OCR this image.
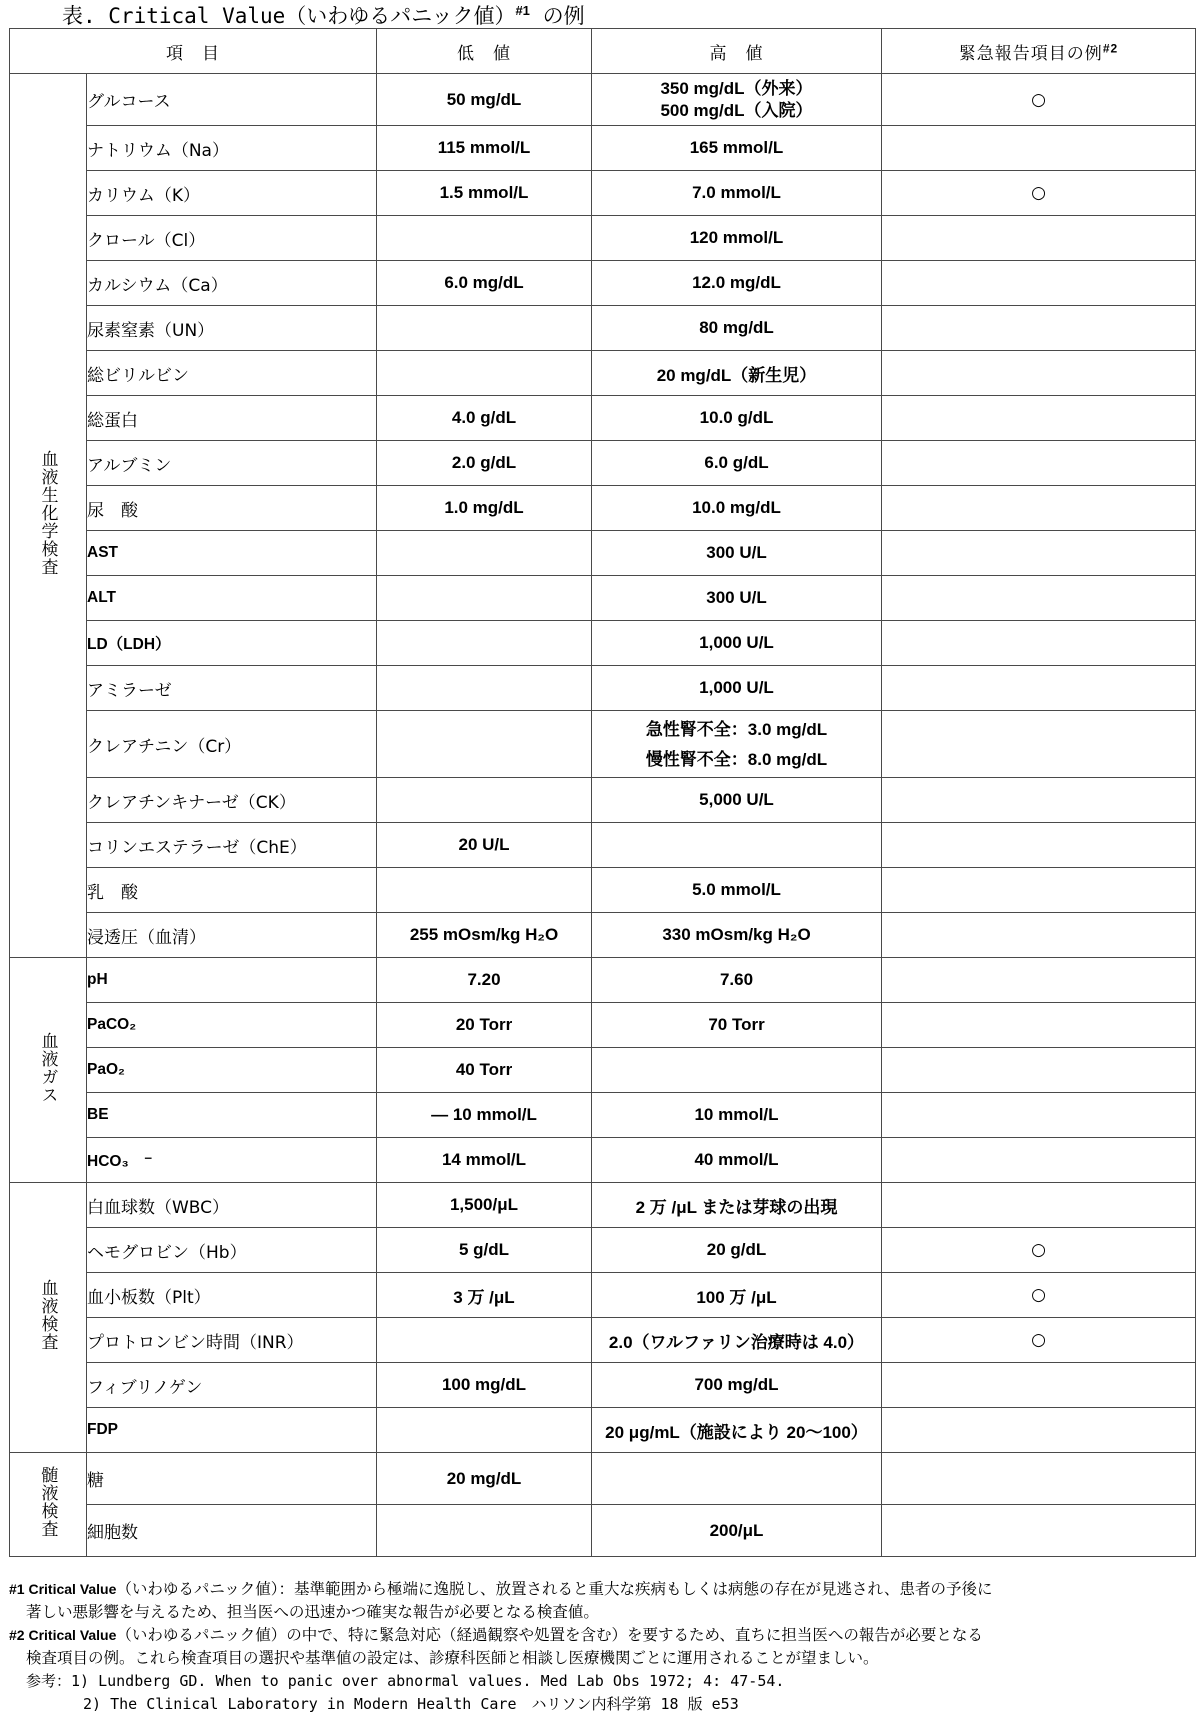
表. Critical Value（いわゆるパニック値）$^{\#1}$ の例
項　目		低　値	高　値	緊急報告項目の例$^{\#2}$
血液生化学検査	グルコース	50 mg/dL	350 mg/dL（外来）
500 mg/dL（入院）	○
	ナトリウム（Na）	115 mmol/L	165 mmol/L	
	カリウム（K）	1.5 mmol/L	7.0 mmol/L	○
	クロール（Cl）		120 mmol/L	
	カルシウム（Ca）	6.0 mg/dL	12.0 mg/dL	
	尿素窒素（UN）		80 mg/dL	
	総ビリルビン		20 mg/dL（新生児）	
	総蛋白	4.0 g/dL	10.0 g/dL	
	アルブミン	2.0 g/dL	6.0 g/dL	
	尿　酸	1.0 mg/dL	10.0 mg/dL	
	AST		300 U/L	
	ALT		300 U/L	
	LD（LDH）		1,000 U/L	
	アミラーゼ		1,000 U/L	
	クレアチニン（Cr）		急性腎不全：3.0 mg/dL
慢性腎不全：8.0 mg/dL	

	クレアチンキナーゼ（CK）		5,000 U/L	
	コリンエステラーゼ（ChE）	20 U/L		
	乳　酸		5.0 mmol/L	
	浸透圧（血清）	255 mOsm/kg H₂O	330 mOsm/kg H₂O	
血液ガス	pH	7.20	7.60	
	PaCO₂	20 Torr	70 Torr	
	PaO₂	40 Torr		
	BE	— 10 mmol/L	10 mmol/L	
	HCO₃　⁻	14 mmol/L	40 mmol/L	
血液検査	白血球数（WBC）	1,500/μL	2 万 /μL または芽球の出現	
	ヘモグロビン（Hb）	5 g/dL	20 g/dL	○
	血小板数（Plt）	3 万 /μL	100 万 /μL	○
	プロトロンビン時間（INR）		2.0（ワルファリン治療時は 4.0）	○
	フィブリノゲン	100 mg/dL	700 mg/dL	
	FDP		20 μg/mL（施設により 20〜100）	
髄液検査	糖	20 mg/dL		
	細胞数		200/μL	
#1 Critical Value（いわゆるパニック値）：基準範囲から極端に逸脱し、放置されると重大な疾病もしくは病態の存在が見逃され、患者の予後に
著しい悪影響を与えるため、担当医への迅速かつ確実な報告が必要となる検査値。
#2 Critical Value（いわゆるパニック値）の中で、特に緊急対応（経過観察や処置を含む）を要するため、直ちに担当医への報告が必要となる
検査項目の例。これら検査項目の選択や基準値の設定は、診療科医師と相談し医療機関ごとに運用されることが望ましい。
参考：1) Lundberg GD. When to panic over abnormal values. Med Lab Obs 1972; 4: 47-54.
2) The Clinical Laboratory in Modern Health Care　ハリソン内科学第 18 版 e53
